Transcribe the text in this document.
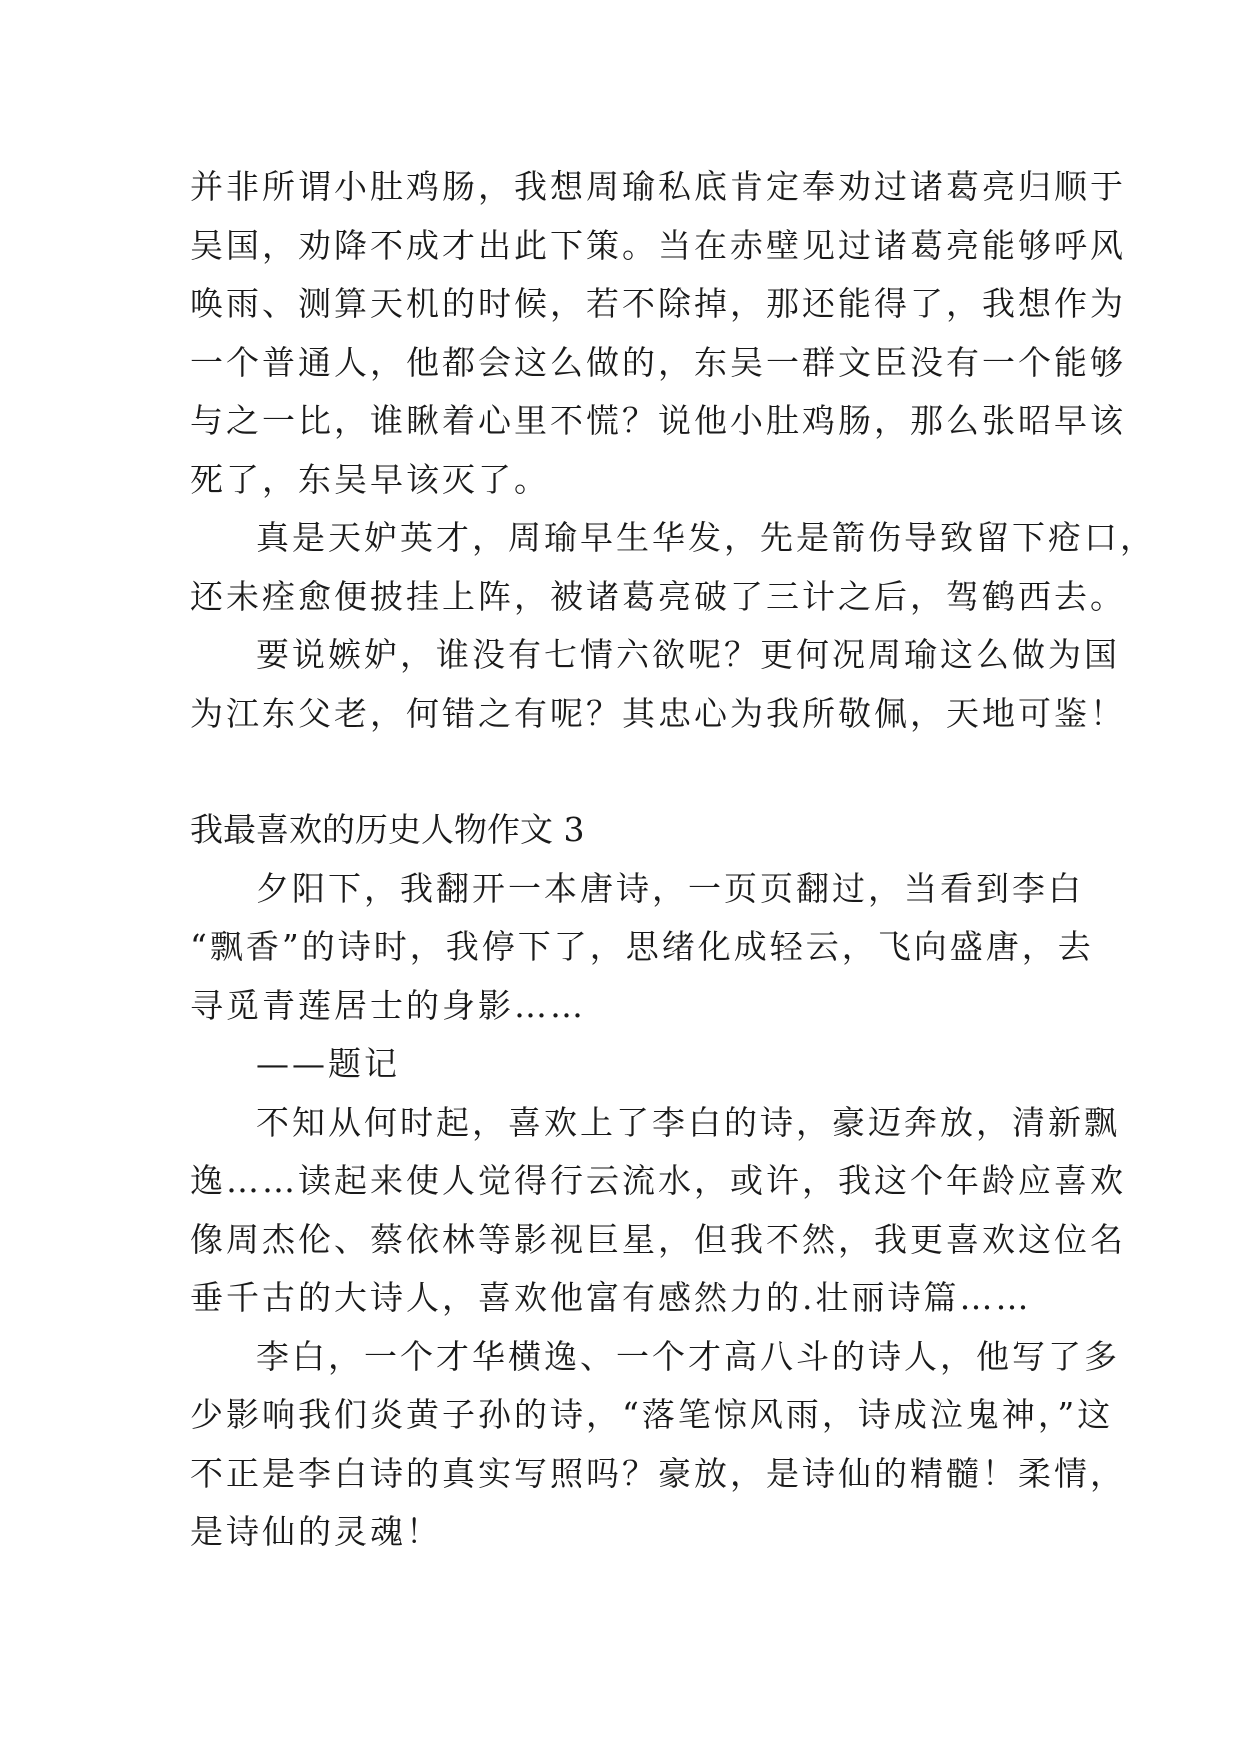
并非所谓小肚鸡肠，我想周瑜私底肯定奉劝过诸葛亮归顺于
吴国，劝降不成才出此下策。当在赤壁见过诸葛亮能够呼风
唤雨、测算天机的时候，若不除掉，那还能得了，我想作为
一个普通人，他都会这么做的，东吴一群文臣没有一个能够
与之一比，谁瞅着心里不慌？说他小肚鸡肠，那么张昭早该
死了，东吴早该灭了。
真是天妒英才，周瑜早生华发，先是箭伤导致留下疮口，
还未痊愈便披挂上阵，被诸葛亮破了三计之后，驾鹤西去。
要说嫉妒，谁没有七情六欲呢？更何况周瑜这么做为国
为江东父老，何错之有呢？其忠心为我所敬佩，天地可鉴！
我最喜欢的历史人物作文 3
夕阳下，我翻开一本唐诗，一页页翻过，当看到李白
“飘香”的诗时，我停下了，思绪化成轻云，飞向盛唐，去
寻觅青莲居士的身影……
——题记
不知从何时起，喜欢上了李白的诗，豪迈奔放，清新飘
逸……读起来使人觉得行云流水，或许，我这个年龄应喜欢
像周杰伦、蔡依林等影视巨星，但我不然，我更喜欢这位名
垂千古的大诗人，喜欢他富有感然力的.壮丽诗篇……
李白，一个才华横逸、一个才高八斗的诗人，他写了多
少影响我们炎黄子孙的诗，“落笔惊风雨，诗成泣鬼神，”这
不正是李白诗的真实写照吗？豪放，是诗仙的精髓！柔情，
是诗仙的灵魂！
